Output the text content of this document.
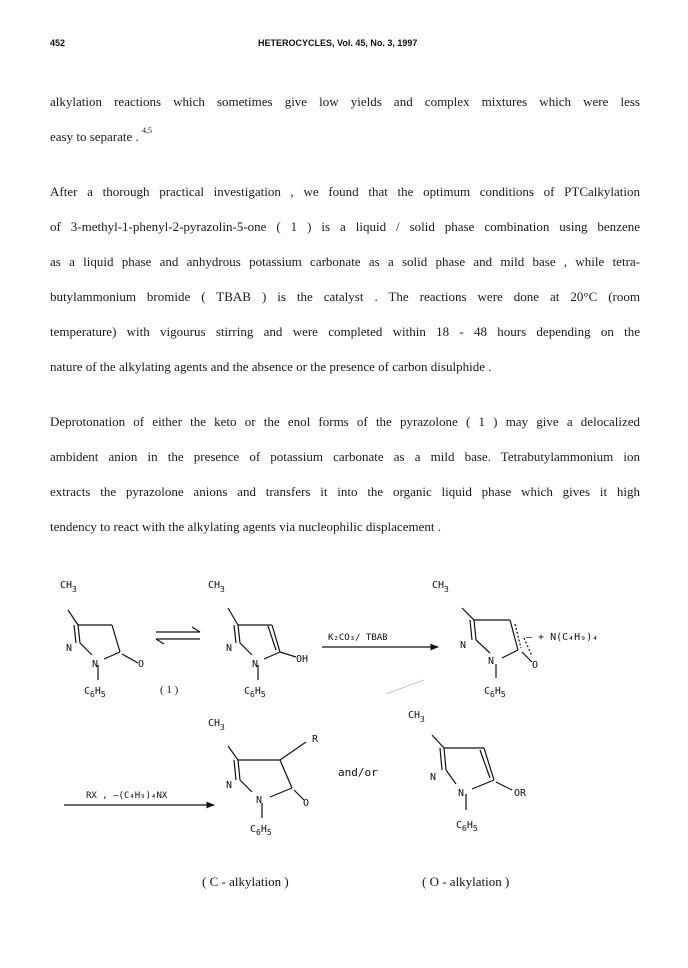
452	HETEROCYCLES, Vol. 45, No. 3, 1997

alkylation reactions which sometimes give low yields and complex mixtures which were less

easy to separate . $^{4,5}$

After a thorough practical investigation , we found that the optimum conditions of PTCalkylation

of 3-methyl-1-phenyl-2-pyrazolin-5-one ( 1 ) is a liquid / solid phase combination using benzene

as a liquid phase and anhydrous potassium carbonate as a solid phase and mild base , while tetra-

butylammonium bromide ( TBAB ) is the catalyst . The reactions were done at 20°C (room

temperature) with vigourus stirring and were completed within 18 - 48 hours depending on the

nature of the alkylating agents and the absence or the presence of carbon disulphide .

Deprotonation of either the keto or the enol forms of the pyrazolone ( 1 ) may give a delocalized

ambident anion in the presence of potassium carbonate as a mild base. Tetrabutylammonium ion

extracts the pyrazolone anions and transfers it into the organic liquid phase which gives it high

tendency to react with the alkylating agents via nucleophilic displacement .

$CH_3$
N
N	O
$C_6H_5$	( 1 )
$CH_3$
N
N	OH
$C_6H_5$
K₂CO₃/ TBAB
$CH_3$
N
N	O
– + N(C₄H₉)₄
$C_6H_5$
RX , –(C₄H₉)₄NX
$CH_3$
R
N
N	O
$C_6H_5$
and/or
$CH_3$
N
N	OR
$C_6H_5$
( C - alkylation )	( O - alkylation )
